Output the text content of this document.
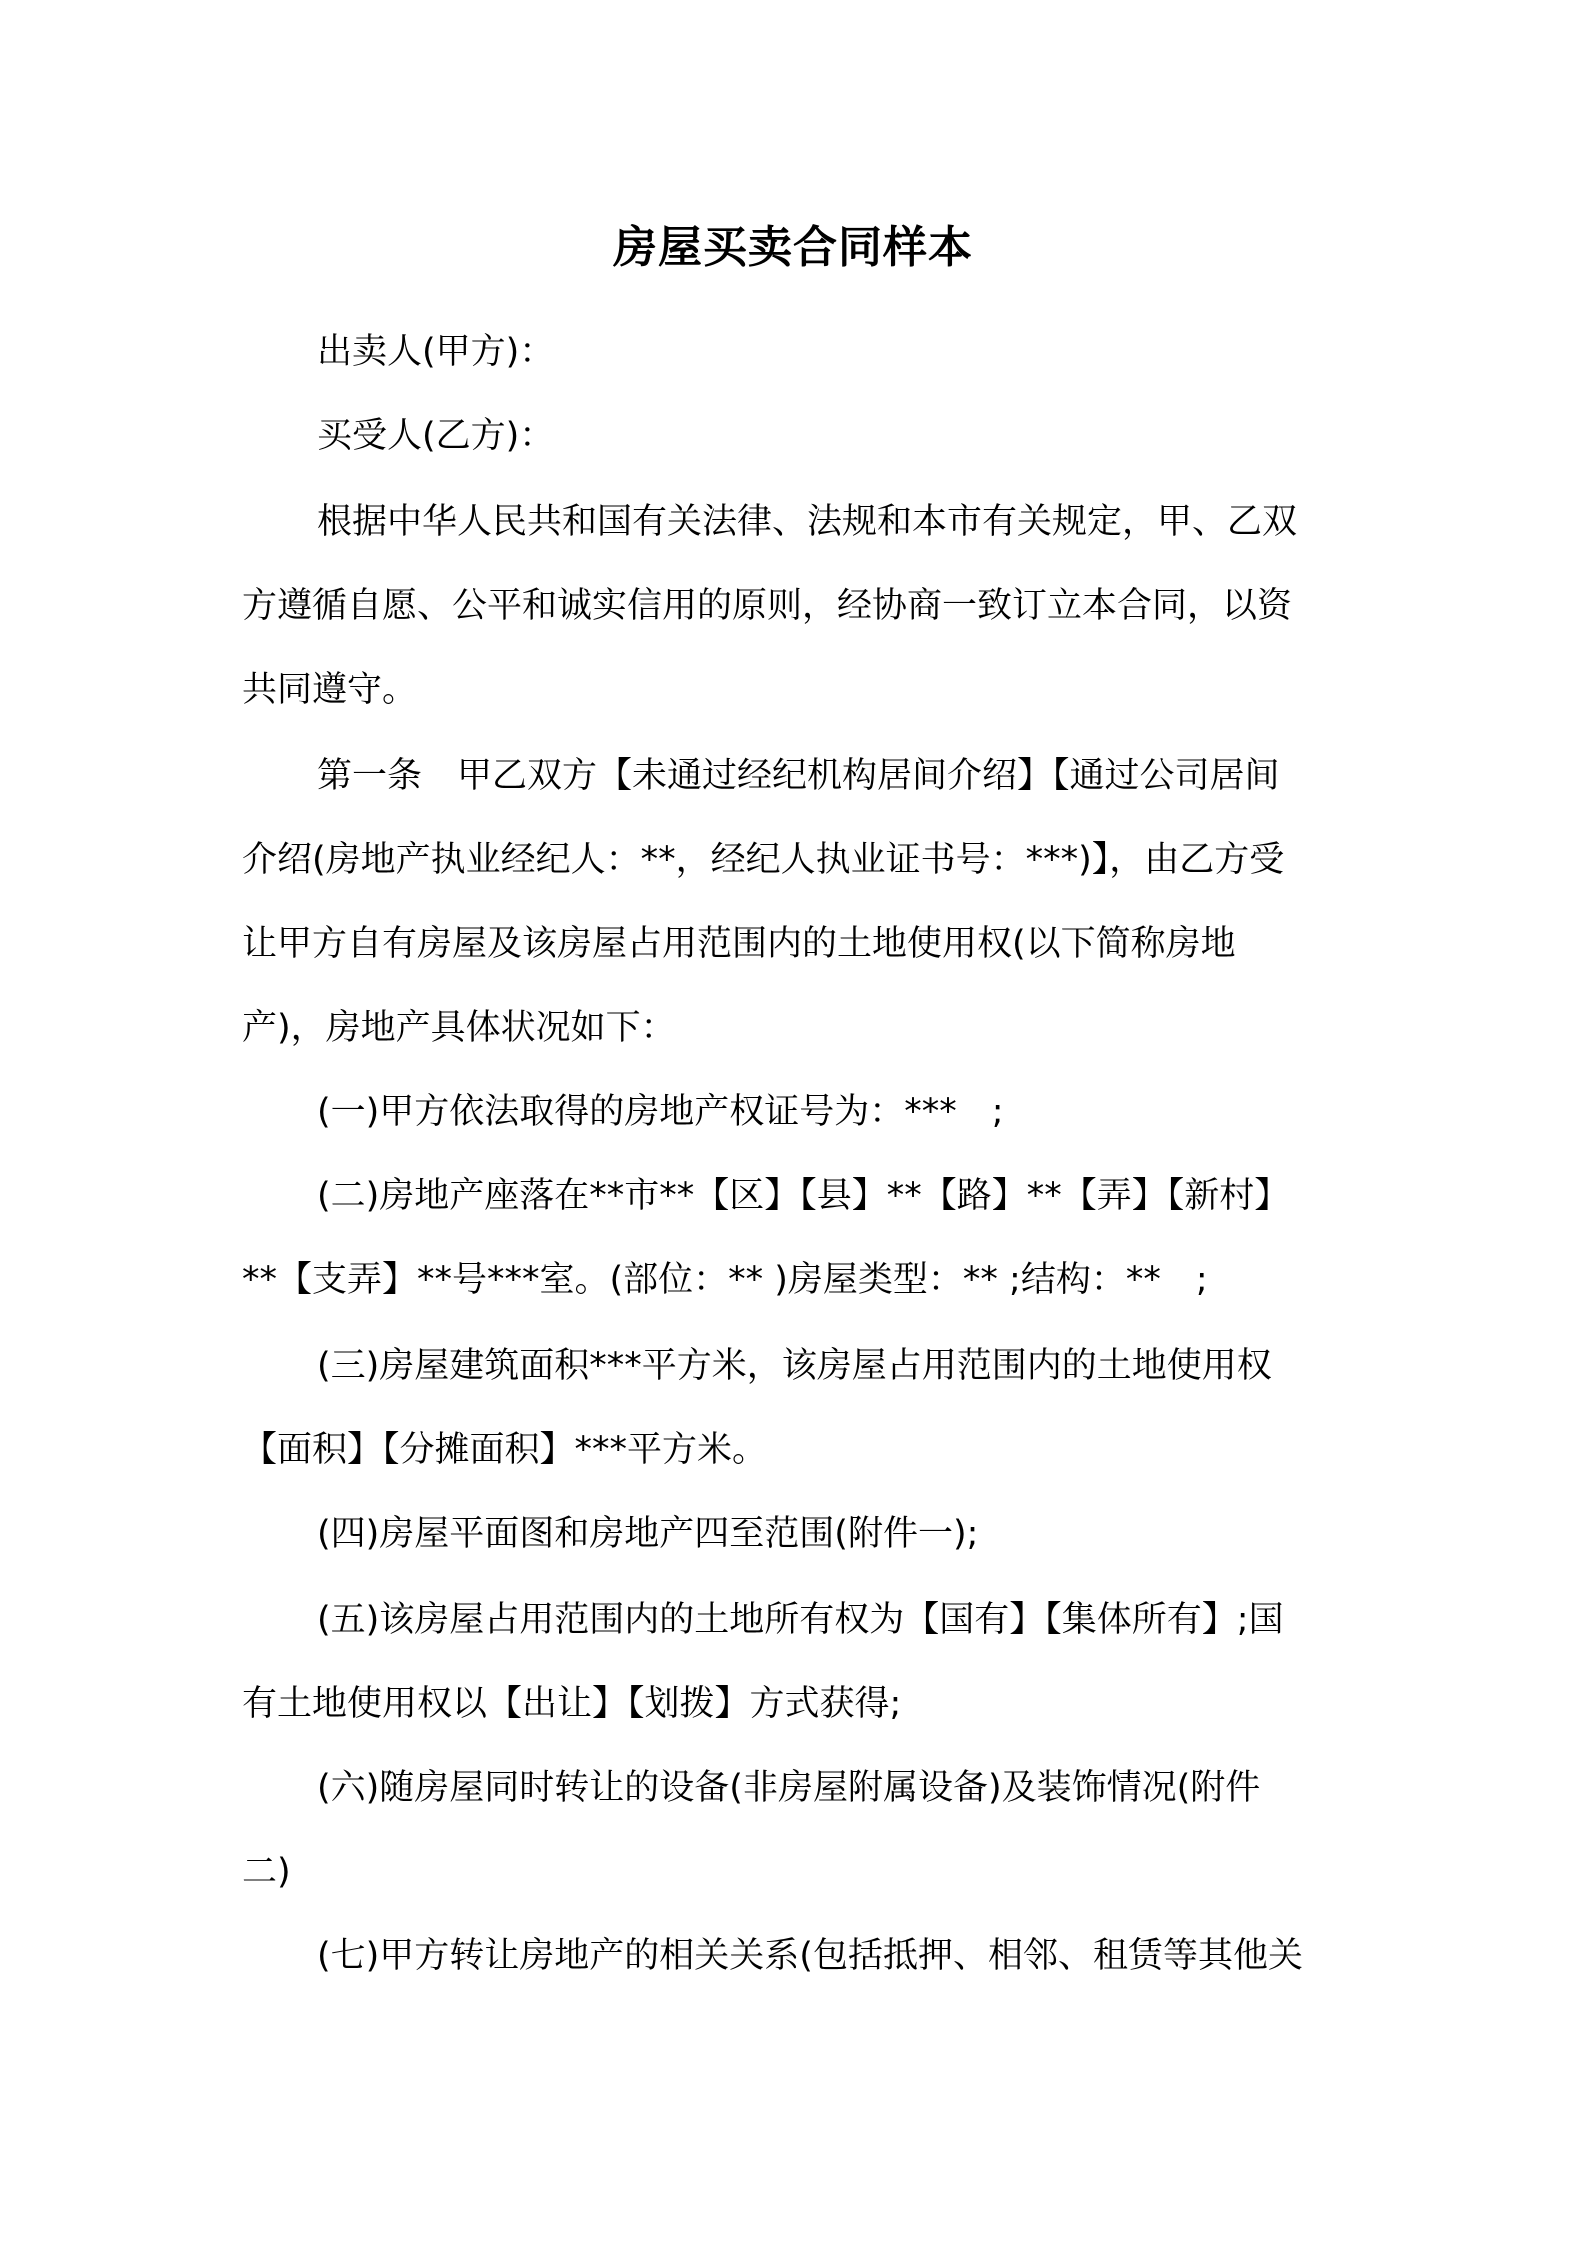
房屋买卖合同样本
出卖人(甲方)：
买受人(乙方)：
根据中华人民共和国有关法律、法规和本市有关规定，甲、乙双
方遵循自愿、公平和诚实信用的原则，经协商一致订立本合同，以资
共同遵守。
第一条　甲乙双方【未通过经纪机构居间介绍】【通过公司居间
介绍(房地产执业经纪人：**，经纪人执业证书号：***)】，由乙方受
让甲方自有房屋及该房屋占用范围内的土地使用权(以下简称房地
产)，房地产具体状况如下：
(一)甲方依法取得的房地产权证号为：***　;
(二)房地产座落在**市**【区】【县】**【路】**【弄】【新村】
**【支弄】**号***室。(部位：** )房屋类型：** ;结构：**　;
(三)房屋建筑面积***平方米，该房屋占用范围内的土地使用权
【面积】【分摊面积】***平方米。
(四)房屋平面图和房地产四至范围(附件一);
(五)该房屋占用范围内的土地所有权为【国有】【集体所有】;国
有土地使用权以【出让】【划拨】方式获得;
(六)随房屋同时转让的设备(非房屋附属设备)及装饰情况(附件
二)
(七)甲方转让房地产的相关关系(包括抵押、相邻、租赁等其他关
